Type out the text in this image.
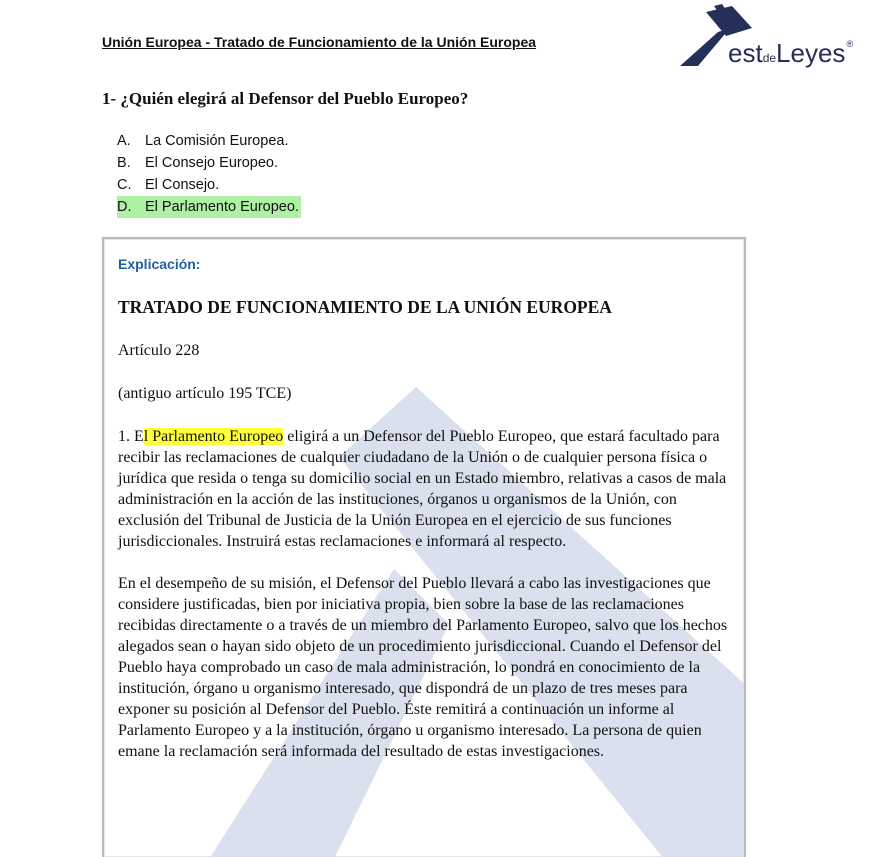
Unión Europea - Tratado de Funcionamiento de la Unión Europea	estdeLeyes®
1- ¿Quién elegirá al Defensor del Pueblo Europeo?
A. La Comisión Europea.
B. El Consejo Europeo.
C. El Consejo.
D. El Parlamento Europeo.
Explicación:

TRATADO DE FUNCIONAMIENTO DE LA UNIÓN EUROPEA

Artículo 228

(antiguo artículo 195 TCE)

1. El Parlamento Europeo eligirá a un Defensor del Pueblo Europeo, que estará facultado para recibir las reclamaciones de cualquier ciudadano de la Unión o de cualquier persona física o jurídica que resida o tenga su domicilio social en un Estado miembro, relativas a casos de mala administración en la acción de las instituciones, órganos u organismos de la Unión, con exclusión del Tribunal de Justicia de la Unión Europea en el ejercicio de sus funciones jurisdiccionales. Instruirá estas reclamaciones e informará al respecto.

En el desempeño de su misión, el Defensor del Pueblo llevará a cabo las investigaciones que considere justificadas, bien por iniciativa propia, bien sobre la base de las reclamaciones recibidas directamente o a través de un miembro del Parlamento Europeo, salvo que los hechos alegados sean o hayan sido objeto de un procedimiento jurisdiccional. Cuando el Defensor del Pueblo haya comprobado un caso de mala administración, lo pondrá en conocimiento de la institución, órgano u organismo interesado, que dispondrá de un plazo de tres meses para exponer su posición al Defensor del Pueblo. Éste remitirá a continuación un informe al Parlamento Europeo y a la institución, órgano u organismo interesado. La persona de quien emane la reclamación será informada del resultado de estas investigaciones.
